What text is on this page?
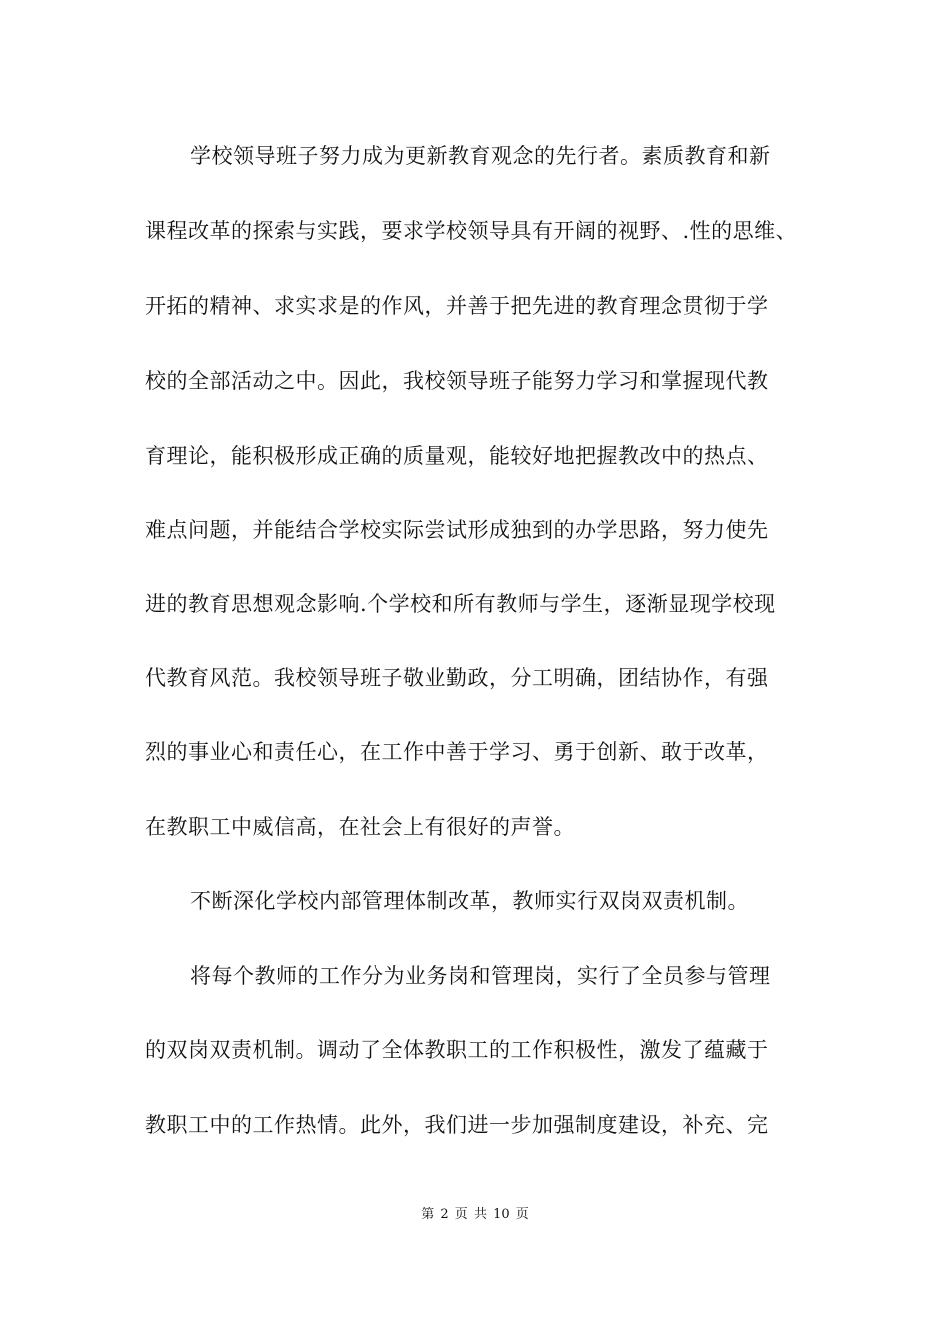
学校领导班子努力成为更新教育观念的先行者。素质教育和新
课程改革的探索与实践，要求学校领导具有开阔的视野、.性的思维、
开拓的精神、求实求是的作风，并善于把先进的教育理念贯彻于学
校的全部活动之中。因此，我校领导班子能努力学习和掌握现代教
育理论，能积极形成正确的质量观，能较好地把握教改中的热点、
难点问题，并能结合学校实际尝试形成独到的办学思路，努力使先
进的教育思想观念影响.个学校和所有教师与学生，逐渐显现学校现
代教育风范。我校领导班子敬业勤政，分工明确，团结协作，有强
烈的事业心和责任心，在工作中善于学习、勇于创新、敢于改革，
在教职工中威信高，在社会上有很好的声誉。
不断深化学校内部管理体制改革，教师实行双岗双责机制。
将每个教师的工作分为业务岗和管理岗，实行了全员参与管理
的双岗双责机制。调动了全体教职工的工作积极性，激发了蕴藏于
教职工中的工作热情。此外，我们进一步加强制度建设，补充、完
第 2 页 共 10 页
